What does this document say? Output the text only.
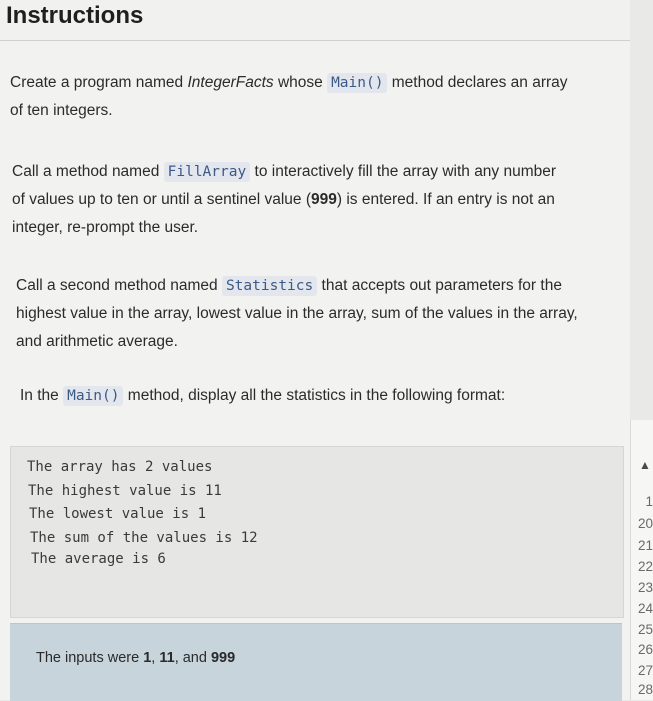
Instructions

Create a program named IntegerFacts whose Main() method declares an array
of ten integers.

Call a method named FillArray to interactively fill the array with any number
of values up to ten or until a sentinel value (999) is entered. If an entry is not an
integer, re-prompt the user.

Call a second method named Statistics that accepts out parameters for the
highest value in the array, lowest value in the array, sum of the values in the array,
and arithmetic average.

In the Main() method, display all the statistics in the following format:

The array has 2 values
The highest value is 11
The lowest value is 1
The sum of the values is 12
The average is 6
The inputs were 1, 11, and 999
▲
1
20
21
22
23
24
25
26
27
28
